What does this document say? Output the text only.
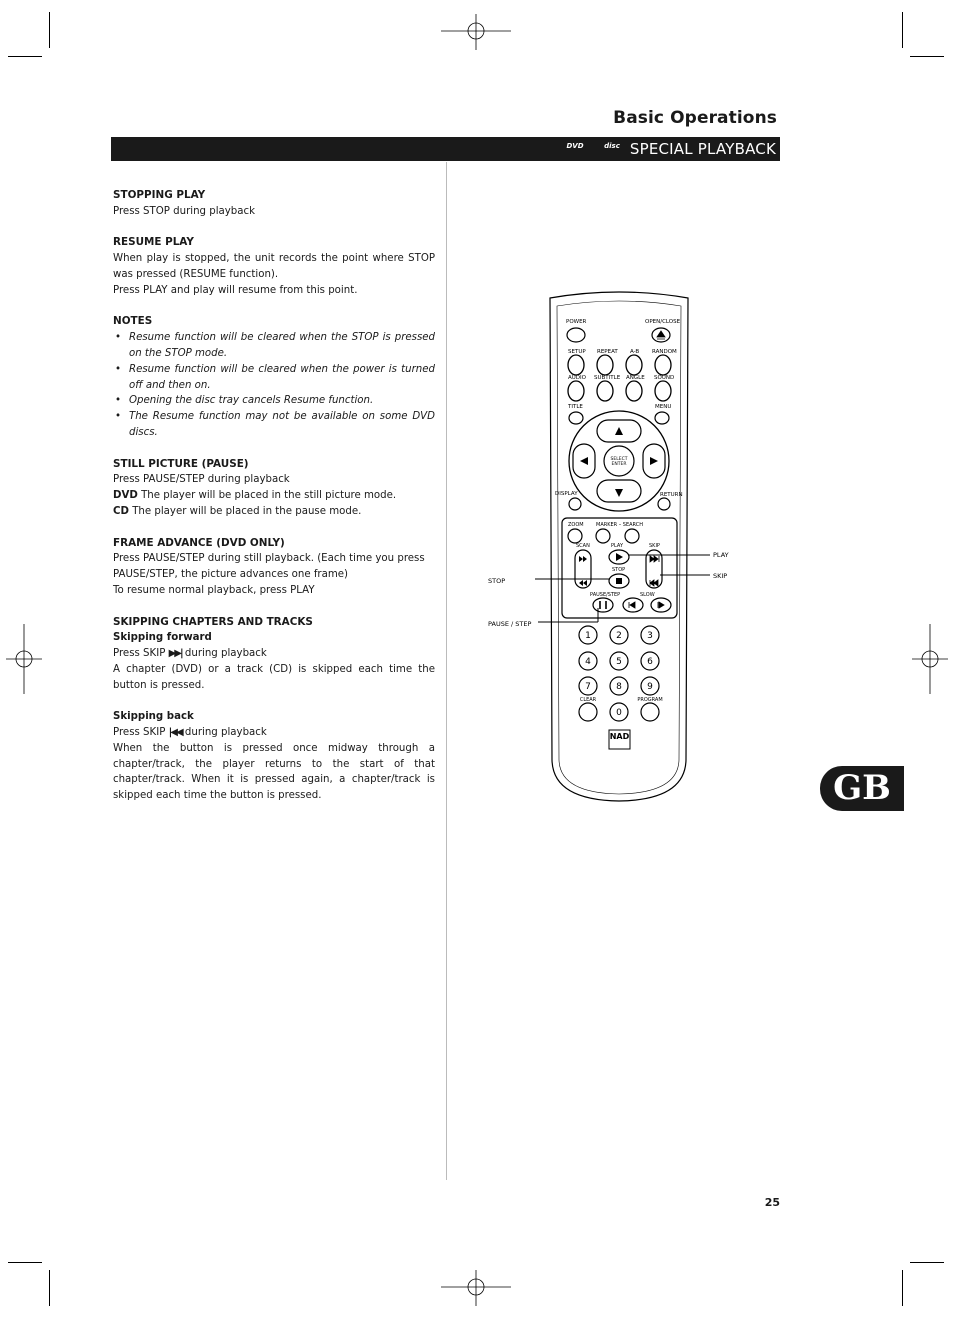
Basic Operations
DVD	disc SPECIAL PLAYBACK
STOPPING PLAY

Press STOP during playback

RESUME PLAY

When play is stopped, the unit records the point where STOP was pressed (RESUME function).

Press PLAY and play will resume from this point.

NOTES
• Resume function will be cleared when the STOP is pressed on the STOP mode.
• Resume function will be cleared when the power is turned off and then on.
• Opening the disc tray cancels Resume function.
• The Resume function may not be available on some DVD discs.
STILL PICTURE (PAUSE)

Press PAUSE/STEP during playback

DVD The player will be placed in the still picture mode.

CD The player will be placed in the pause mode.

FRAME ADVANCE (DVD ONLY)

Press PAUSE/STEP during still playback. (Each time you press PAUSE/STEP, the picture advances one frame)

To resume normal playback, press PLAY

SKIPPING CHAPTERS AND TRACKS
Skipping forward

Press SKIP ▶▶| during playback

A chapter (DVD) or a track (CD) is skipped each time the button is pressed.

Skipping back

Press SKIP |◀◀ during playback

When the button is pressed once midway through a chapter/track, the player returns to the start of that chapter/track. When it is pressed again, a chapter/track is skipped each time the button is pressed.

POWER	OPEN/CLOSE
SETUP REPEAT A-B RANDOM
AUDIO SUBTITLE ANGLE SOUND
TITLE	MENU
SELECT
ENTER
DISPLAY	RETURN
ZOOM MARKER – SEARCH
SCAN	PLAY	SKIP
STOP
PAUSE/STEP	SLOW
1	2	3
4	5	6
7	8	9
0
CLEAR	PROGRAM
NAD
STOP
PAUSE / STEP
PLAY
SKIP
GB
25
